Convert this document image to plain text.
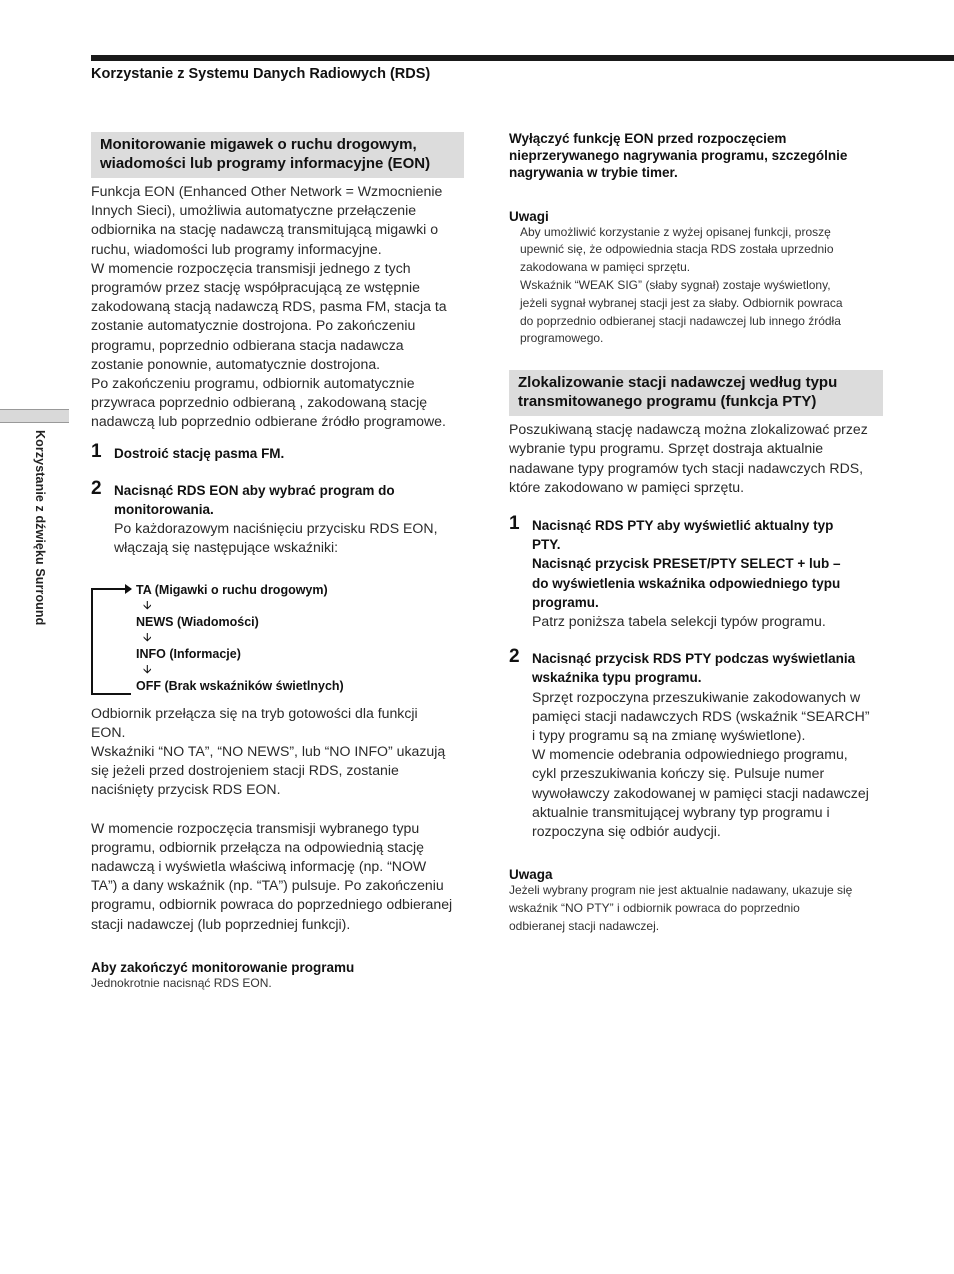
Korzystanie z Systemu Danych Radiowych (RDS)
Korzystanie z dźwięku Surround
Monitorowanie migawek o ruchu drogowym,
wiadomości lub programy informacyjne (EON)
Funkcja EON (Enhanced Other Network = Wzmocnienie
Innych Sieci), umożliwia automatyczne przełączenie
odbiornika na stację nadawczą transmitującą migawki o
ruchu, wiadomości lub programy informacyjne.
W momencie rozpoczęcia transmisji jednego z tych
programów przez stację współpracującą ze wstępnie
zakodowaną stacją nadawczą RDS, pasma FM, stacja ta
zostanie automatycznie dostrojona. Po zakończeniu
programu, poprzednio odbierana stacja nadawcza
zostanie ponownie, automatycznie dostrojona.
Po zakończeniu programu, odbiornik automatycznie
przywraca poprzednio odbieraną , zakodowaną stację
nadawczą lub poprzednio odbierane źródło programowe.
1 Dostroić stację pasma FM.
2 Nacisnąć RDS EON aby wybrać program do
monitorowania.
Po każdorazowym naciśnięciu przycisku RDS EON,
włączają się następujące wskaźniki:
TA (Migawki o ruchu drogowym)
🡫
NEWS (Wiadomości)
🡫
INFO (Informacje)
🡫
OFF (Brak wskaźników świetlnych)
Odbiornik przełącza się na tryb gotowości dla funkcji
EON.
Wskaźniki “NO TA”, “NO NEWS”, lub “NO INFO” ukazują
się jeżeli przed dostrojeniem stacji RDS, zostanie
naciśnięty przycisk RDS EON.
W momencie rozpoczęcia transmisji wybranego typu
programu, odbiornik przełącza na odpowiednią stację
nadawczą i wyświetla właściwą informację (np. “NOW
TA”) a dany wskaźnik (np. “TA”) pulsuje. Po zakończeniu
programu, odbiornik powraca do poprzedniego odbieranej
stacji nadawczej (lub poprzedniej funkcji).
Aby zakończyć monitorowanie programu
Jednokrotnie nacisnąć RDS EON.
Wyłączyć funkcję EON przed rozpoczęciem
nieprzerywanego nagrywania programu, szczególnie
nagrywania w trybie timer.
Uwagi
Aby umożliwić korzystanie z wyżej opisanej funkcji, proszę
upewnić się, że odpowiednia stacja RDS została uprzednio
zakodowana w pamięci sprzętu.
Wskaźnik “WEAK SIG” (słaby sygnał) zostaje wyświetlony,
jeżeli sygnał wybranej stacji jest za słaby. Odbiornik powraca
do poprzednio odbieranej stacji nadawczej lub innego źródła
programowego.
Zlokalizowanie stacji nadawczej według typu
transmitowanego programu (funkcja PTY)
Poszukiwaną stację nadawczą można zlokalizować przez
wybranie typu programu. Sprzęt dostraja aktualnie
nadawane typy programów tych stacji nadawczych RDS,
które zakodowano w pamięci sprzętu.
1 Nacisnąć RDS PTY aby wyświetlić aktualny typ
PTY.
Nacisnąć przycisk PRESET/PTY SELECT + lub –
do wyświetlenia wskaźnika odpowiedniego typu
programu.
Patrz poniższa tabela selekcji typów programu.
2 Nacisnąć przycisk RDS PTY podczas wyświetlania
wskaźnika typu programu.
Sprzęt rozpoczyna przeszukiwanie zakodowanych w
pamięci stacji nadawczych RDS (wskaźnik “SEARCH”
i typy programu są na zmianę wyświetlone).
W momencie odebrania odpowiedniego programu,
cykl przeszukiwania kończy się. Pulsuje numer
wywoławczy zakodowanej w pamięci stacji nadawczej
aktualnie transmitującej wybrany typ programu i
rozpoczyna się odbiór audycji.
Uwaga
Jeżeli wybrany program nie jest aktualnie nadawany, ukazuje się
wskaźnik “NO PTY” i odbiornik powraca do poprzednio
odbieranej stacji nadawczej.
